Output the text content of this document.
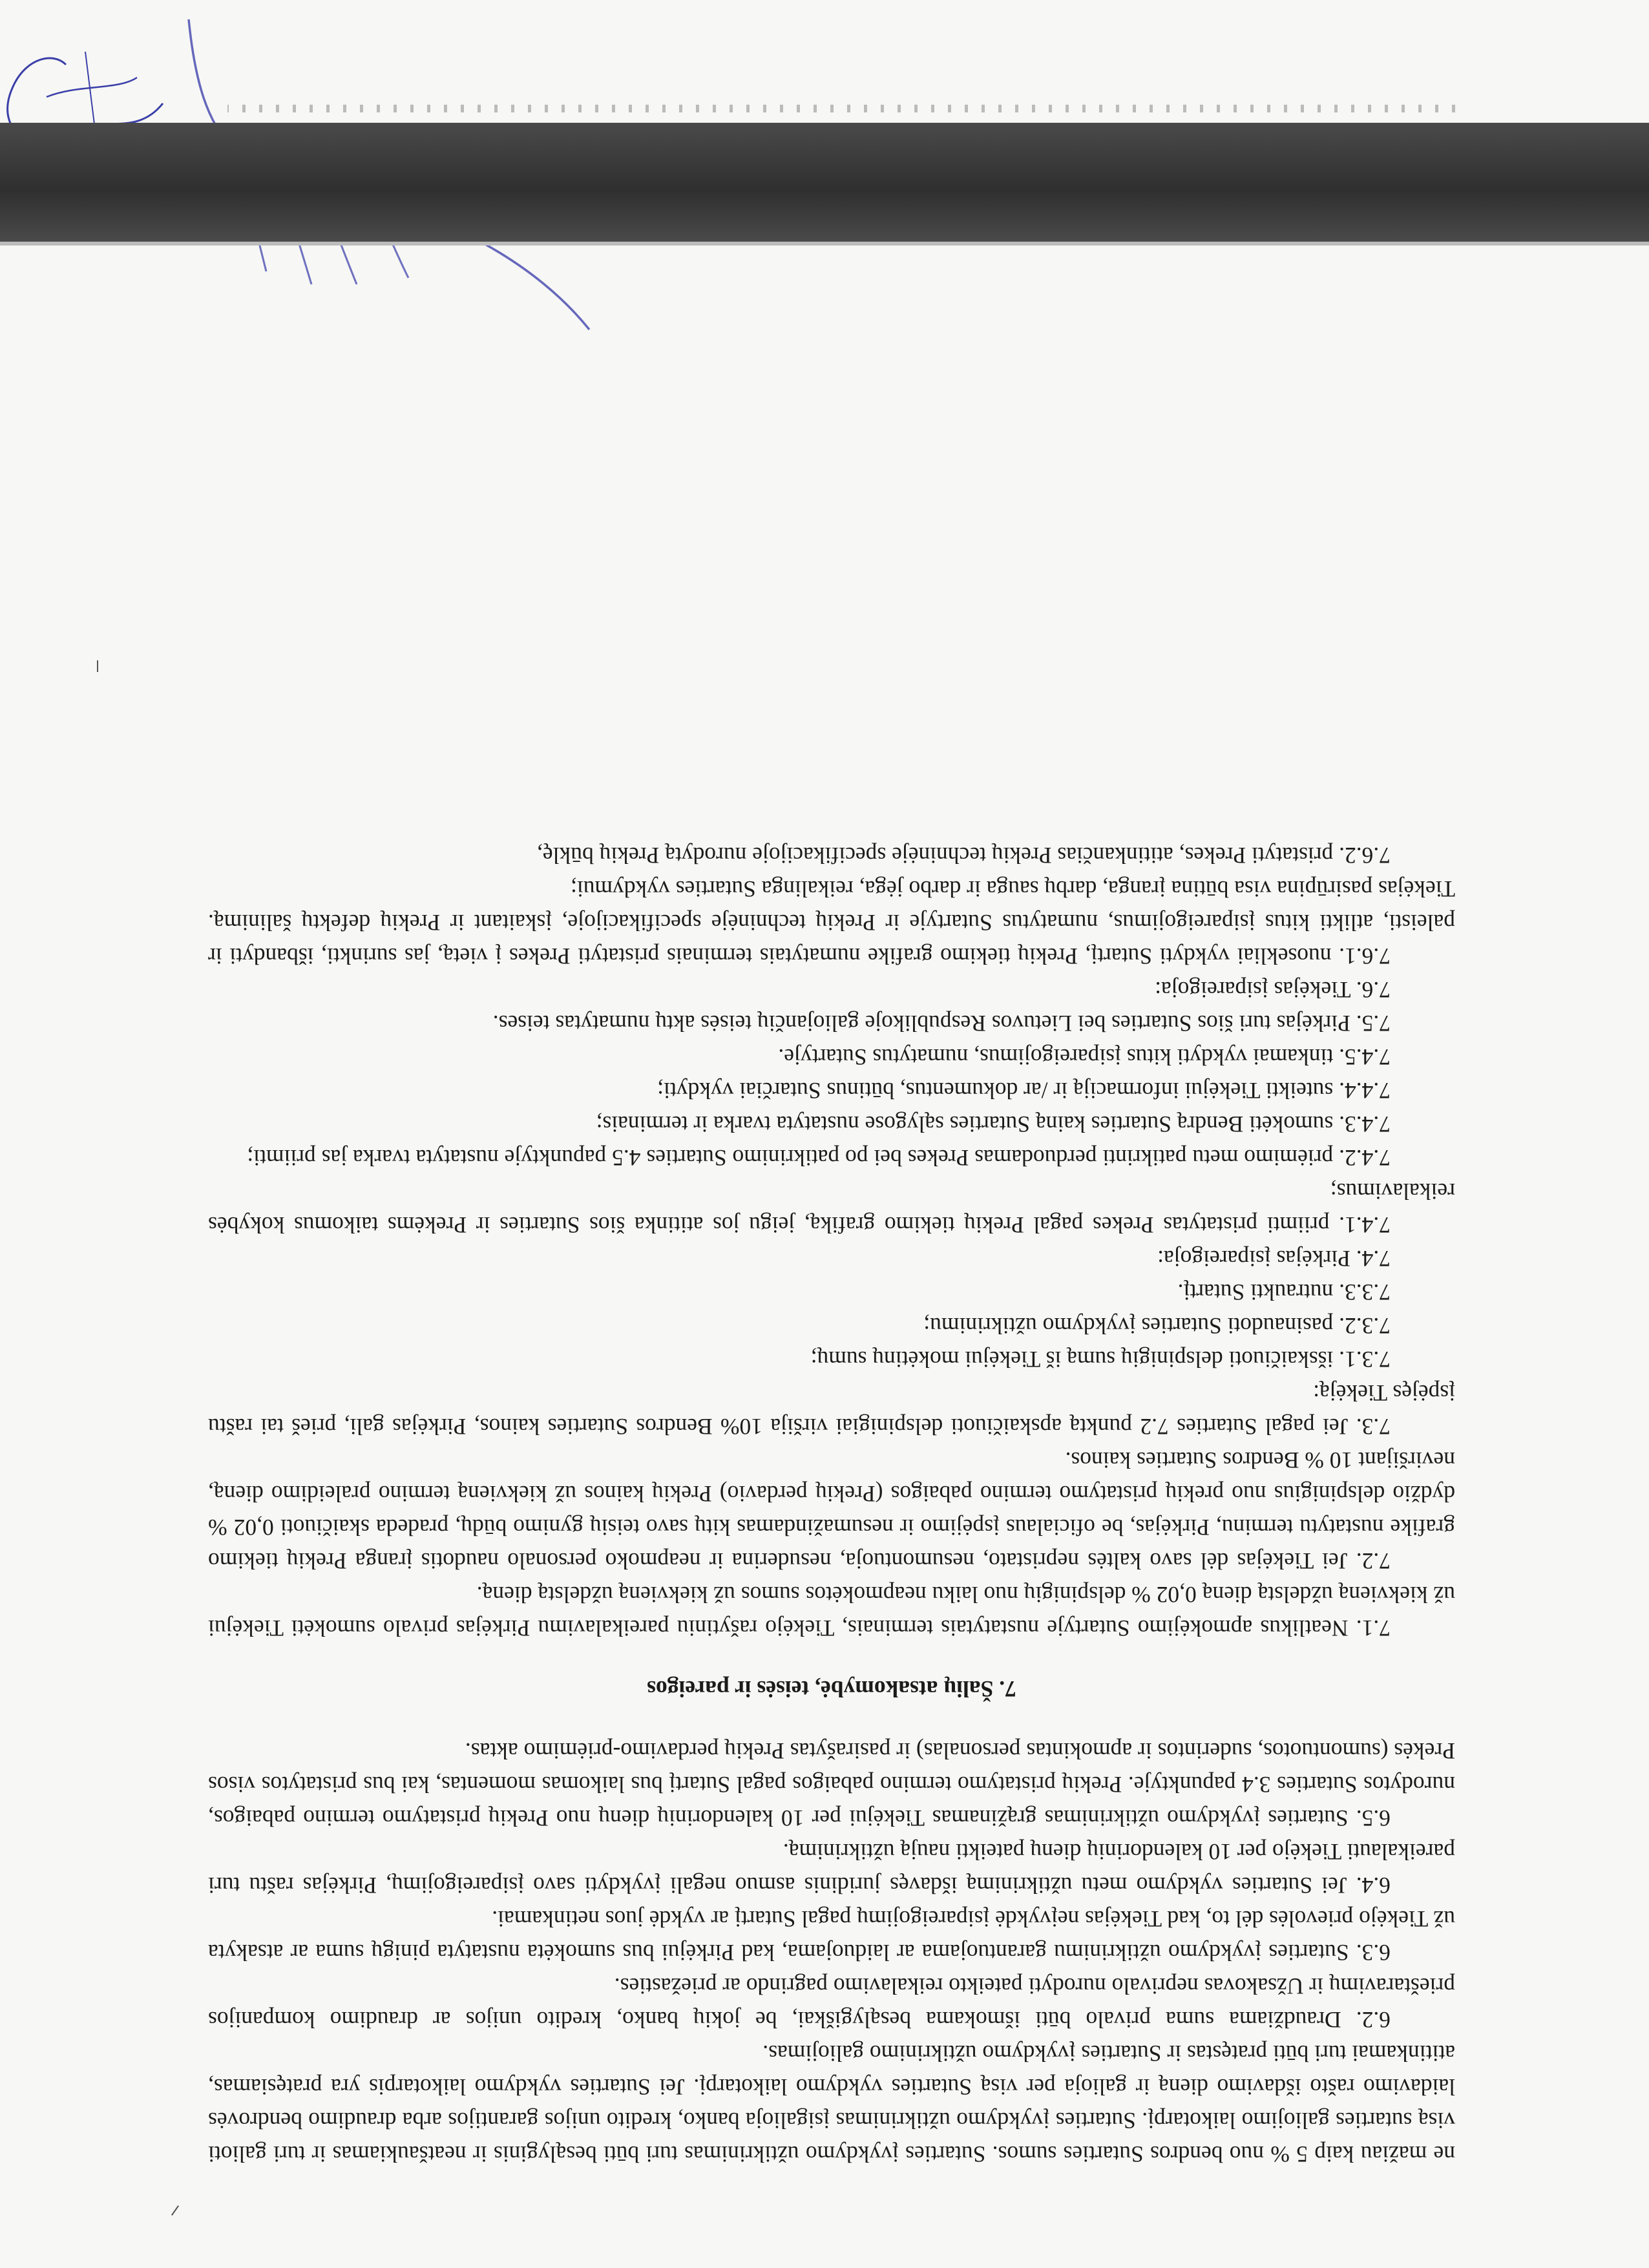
ne mažiau kaip 5 % nuo bendros Sutarties sumos. Sutarties įvykdymo užtikrinimas turi būti besąlyginis ir neatšaukiamas ir turi galioti visą sutarties galiojimo laikotarpį. Sutarties įvykdymo užtikrinimas įsigalioja banko, kredito unijos garantijos arba draudimo bendrovės laidavimo rašto išdavimo dieną ir galioja per visą Sutarties vykdymo laikotarpį. Jei Sutarties vykdymo laikotarpis yra pratęsiamas, atitinkamai turi būti pratęstas ir Sutarties įvykdymo užtikrinimo galiojimas.

6.2. Draudžiama suma privalo būti išmokama besąlygiškai, be jokių banko, kredito unijos ar draudimo kompanijos prieštaravimų ir Užsakovas neprivalo nurodyti pateikto reikalavimo pagrindo ar priežasties.

6.3. Sutarties įvykdymo užtikrinimu garantuojama ar laiduojama, kad Pirkėjui bus sumokėta nustatyta pinigų suma ar atsakyta už Tiekėjo prievolės dėl to, kad Tiekėjas neįvykdė įsipareigojimų pagal Sutartį ar vykdė juos netinkamai.

6.4. Jei Sutarties vykdymo metu užtikrinimą išdavęs juridinis asmuo negali įvykdyti savo įsipareigojimų, Pirkėjas raštu turi pareikalauti Tiekėjo per 10 kalendorinių dienų pateikti naują užtikrinimą.

6.5. Sutarties įvykdymo užtikrinimas grąžinamas Tiekėjui per 10 kalendorinių dienų nuo Prekių pristatymo termino pabaigos, nurodytos Sutarties 3.4 papunktyje. Prekių pristatymo termino pabaigos pagal Sutartį bus laikomas momentas, kai bus pristatytos visos Prekės (sumontuotos, suderintos ir apmokintas personalas) ir pasirašytas Prekių perdavimo-priėmimo aktas.

7. Šalių atsakomybė, teisės ir pareigos

7.1. Neatlikus apmokėjimo Sutartyje nustatytais terminais, Tiekėjo rašytiniu pareikalavimu Pirkėjas privalo sumokėti Tiekėjui už kiekvieną uždelstą dieną 0,02 % delspinigių nuo laiku neapmokėtos sumos už kiekvieną uždelstą dieną.

7.2. Jei Tiekėjas dėl savo kaltės nepristato, nesumontuoja, nesuderina ir neapmoko personalo naudotis įranga Prekių tiekimo grafike nustatytu terminu, Pirkėjas, be oficialaus įspėjimo ir nesumažindamas kitų savo teisių gynimo būdų, pradeda skaičiuoti 0,02 % dydžio delspinigius nuo prekių pristatymo termino pabaigos (Prekių perdavio) Prekių kainos už kiekvieną termino praleidimo dieną, neviršijant 10 % Bendros Sutarties kainos.

7.3. Jei pagal Sutarties 7.2 punktą apskaičiuoti delspinigiai viršija 10% Bendros Sutarties kainos, Pirkėjas gali, prieš tai raštu įspėjęs Tiekėją:

7.3.1. išskaičiuoti delspinigių sumą iš Tiekėjui mokėtinų sumų;

7.3.2. pasinaudoti Sutarties įvykdymo užtikrinimu;

7.3.3. nutraukti Sutartį.

7.4. Pirkėjas įsipareigoja:

7.4.1. priimti pristatytas Prekes pagal Prekių tiekimo grafiką, jeigu jos atitinka šios Sutarties ir Prekėms taikomus kokybės reikalavimus;

7.4.2. priėmimo metu patikrinti perduodamas Prekes bei po patikrinimo Sutarties 4.5 papunktyje nustatyta tvarka jas priimti;

7.4.3. sumokėti Bendrą Sutarties kainą Sutarties sąlygose nustatyta tvarka ir terminais;

7.4.4. suteikti Tiekėjui informaciją ir /ar dokumentus, būtinus Sutarčiai vykdyti;

7.4.5. tinkamai vykdyti kitus įsipareigojimus, numatytus Sutartyje.

7.5. Pirkėjas turi šios Sutarties bei Lietuvos Respublikoje galiojančių teisės aktų numatytas teises.

7.6. Tiekėjas įsipareigoja:

7.6.1. nuosekliai vykdyti Sutartį, Prekių tiekimo grafike numatytais terminais pristatyti Prekes į vietą, jas surinkti, išbandyti ir paleisti, atlikti kitus įsipareigojimus, numatytus Sutartyje ir Prekių techninėje specifikacijoje, įskaitant ir Prekių defektų šalinimą. Tiekėjas pasirūpina visa būtina įranga, darbų sauga ir darbo jėga, reikalinga Sutarties vykdymui;

7.6.2. pristatyti Prekes, atitinkančias Prekių techninėje specifikacijoje nurodytą Prekių būklę,
